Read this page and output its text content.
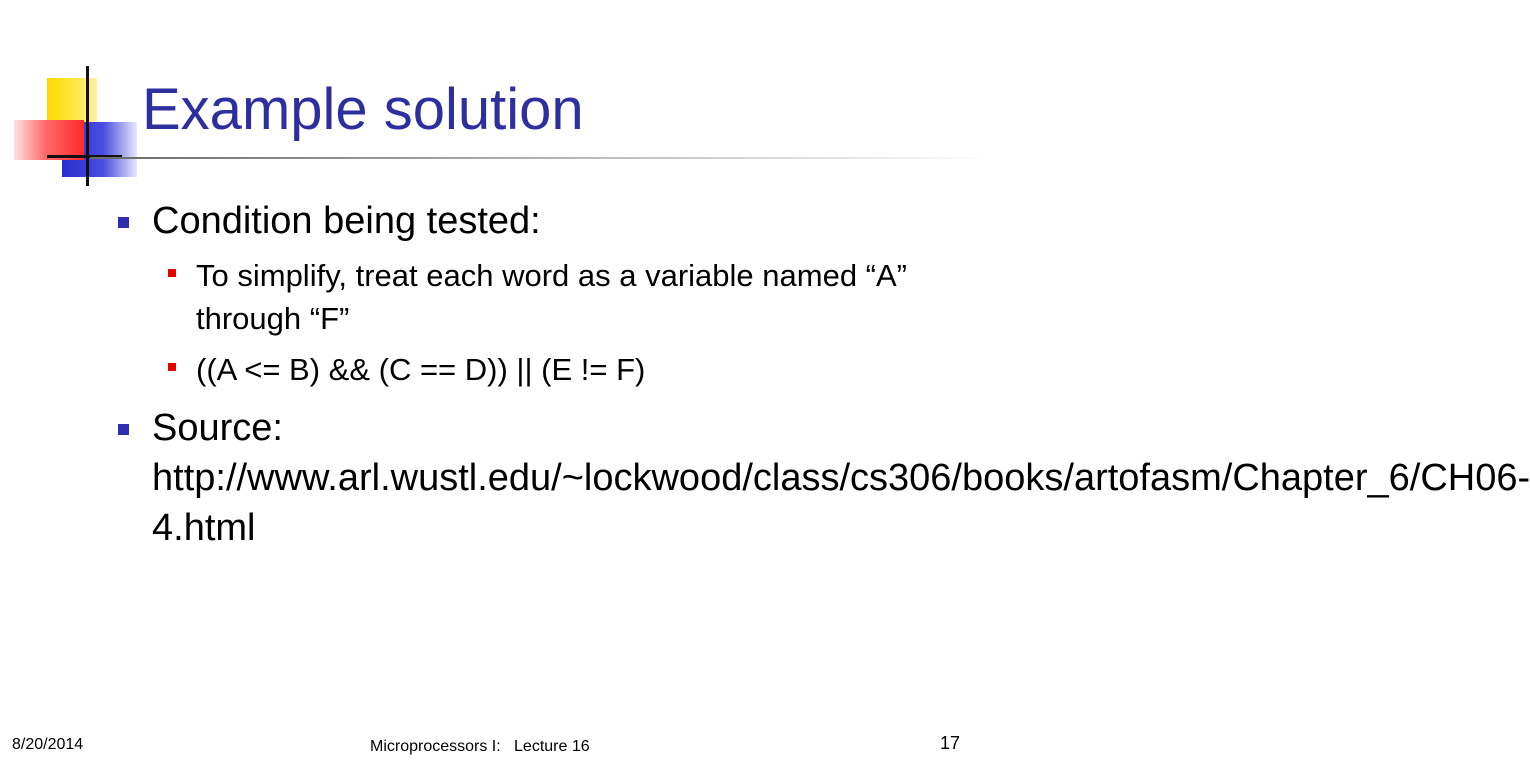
Example solution
Condition being tested:
To simplify, treat each word as a variable named “A” through “F”
((A <= B) && (C == D)) || (E != F)
Source: http://www.arl.wustl.edu/~lockwood/class/cs306/books/artofasm/Chapter_6/CH06-4.html
8/20/2014	Microprocessors I:   Lecture 16	17
